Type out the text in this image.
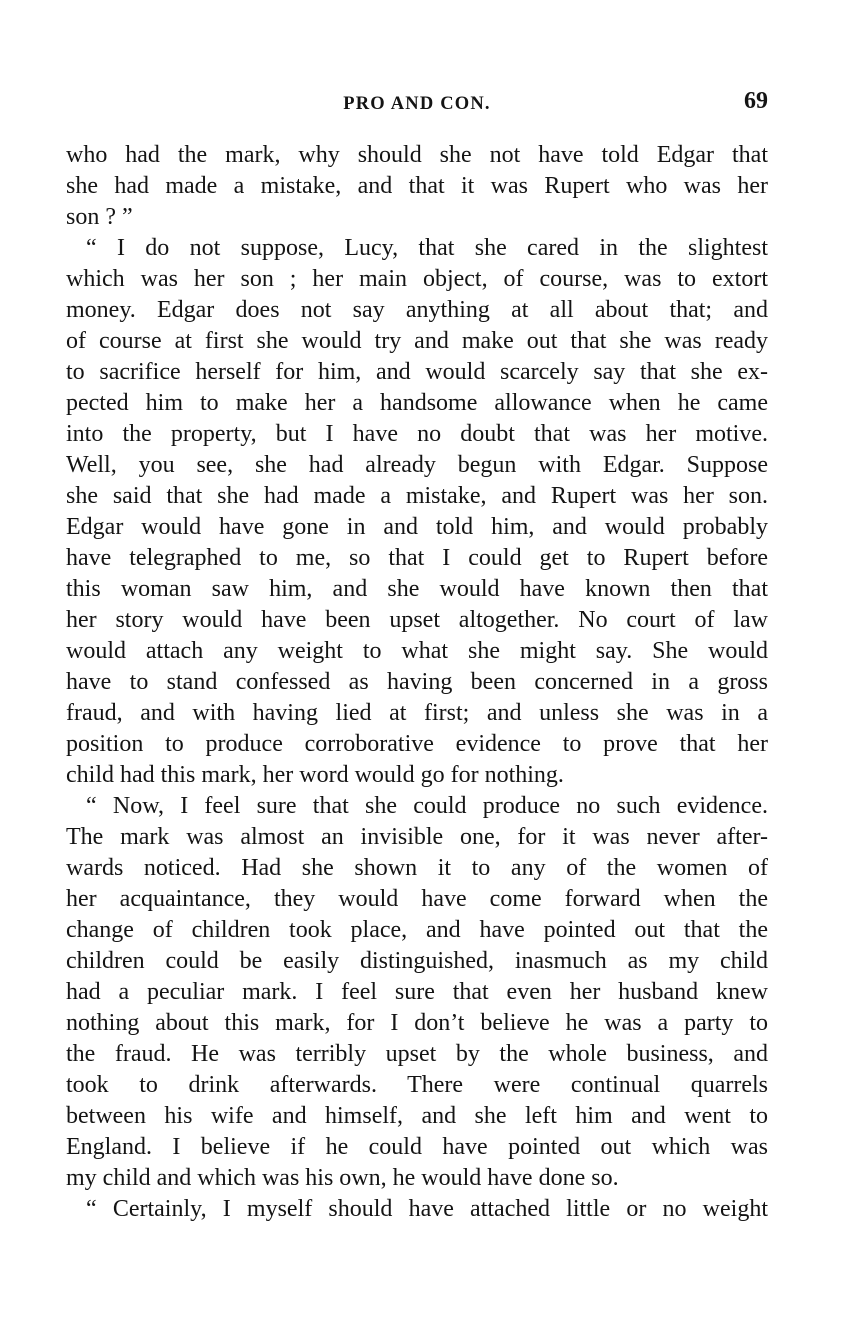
PRO AND CON.	69
who had the mark, why should she not have told Edgar that
she had made a mistake, and that it was Rupert who was her
son ? ”
“ I do not suppose, Lucy, that she cared in the slightest
which was her son ; her main object, of course, was to extort
money. Edgar does not say anything at all about that; and
of course at first she would try and make out that she was ready
to sacrifice herself for him, and would scarcely say that she ex-
pected him to make her a handsome allowance when he came
into the property, but I have no doubt that was her motive.
Well, you see, she had already begun with Edgar. Suppose
she said that she had made a mistake, and Rupert was her son.
Edgar would have gone in and told him, and would probably
have telegraphed to me, so that I could get to Rupert before
this woman saw him, and she would have known then that
her story would have been upset altogether. No court of law
would attach any weight to what she might say. She would
have to stand confessed as having been concerned in a gross
fraud, and with having lied at first; and unless she was in a
position to produce corroborative evidence to prove that her
child had this mark, her word would go for nothing.
“ Now, I feel sure that she could produce no such evidence.
The mark was almost an invisible one, for it was never after-
wards noticed. Had she shown it to any of the women of
her acquaintance, they would have come forward when the
change of children took place, and have pointed out that the
children could be easily distinguished, inasmuch as my child
had a peculiar mark. I feel sure that even her husband knew
nothing about this mark, for I don’t believe he was a party to
the fraud. He was terribly upset by the whole business, and
took to drink afterwards. There were continual quarrels
between his wife and himself, and she left him and went to
England. I believe if he could have pointed out which was
my child and which was his own, he would have done so.
“ Certainly, I myself should have attached little or no weight
